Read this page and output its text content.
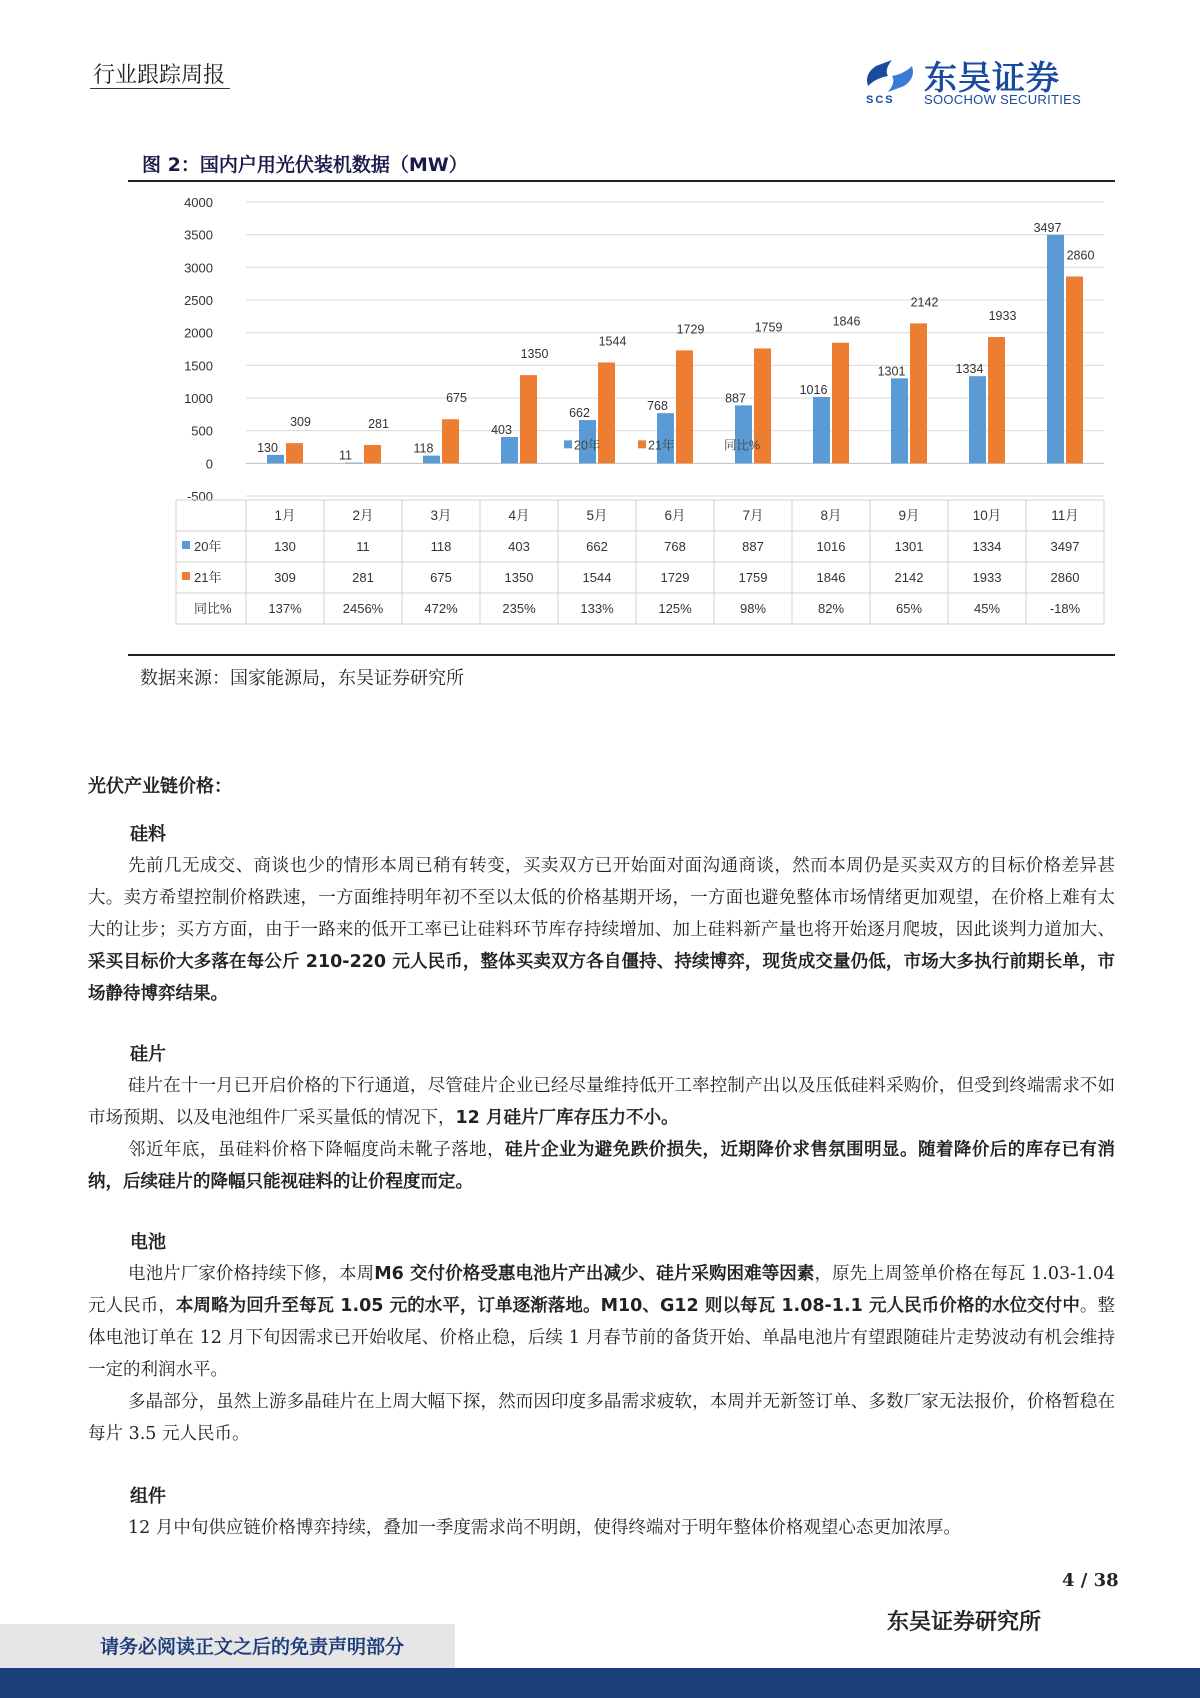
行业跟踪周报
SCS
东吴证券
SOOCHOW SECURITIES
图 2：国内户用光伏装机数据（MW）
4000
3500
3000
2500
2000
1500
1000
500
0
-500
130
309
11
281
118
675
403
1350
662
1544
768
1729
887
1759
1016
1846
1301
2142
1334
1933
3497
2860
20年	21年	同比%
1月	2月	3月	4月	5月	6月	7月	8月	9月	10月	11月
20年	130	11	118	403	662	768	887	1016	1301	1334	3497
21年	309	281	675	1350	1544	1729	1759	1846	2142	1933	2860
同比%	137%	2456%	472%	235%	133%	125%	98%	82%	65%	45%	-18%
数据来源：国家能源局，东吴证券研究所
光伏产业链价格：
硅料
先前几无成交、商谈也少的情形本周已稍有转变，买卖双方已开始面对面沟通商谈，然而本周仍是买卖双方的目标价格差异甚大。卖方希望控制价格跌速，一方面维持明年初不至以太低的价格基期开场，一方面也避免整体市场情绪更加观望，在价格上难有太大的让步；买方方面，由于一路来的低开工率已让硅料环节库存持续增加、加上硅料新产量也将开始逐月爬坡，因此谈判力道加大、采买目标价大多落在每公斤 210-220 元人民币，整体买卖双方各自僵持、持续博弈，现货成交量仍低，市场大多执行前期长单，市场静待博弈结果。
硅片
硅片在十一月已开启价格的下行通道，尽管硅片企业已经尽量维持低开工率控制产出以及压低硅料采购价，但受到终端需求不如市场预期、以及电池组件厂采买量低的情况下，12 月硅片厂库存压力不小。
邻近年底，虽硅料价格下降幅度尚未靴子落地，硅片企业为避免跌价损失，近期降价求售氛围明显。随着降价后的库存已有消纳，后续硅片的降幅只能视硅料的让价程度而定。
电池
电池片厂家价格持续下修，本周M6 交付价格受惠电池片产出减少、硅片采购困难等因素，原先上周签单价格在每瓦 1.03-1.04 元人民币，本周略为回升至每瓦 1.05 元的水平，订单逐渐落地。M10、G12 则以每瓦 1.08-1.1 元人民币价格的水位交付中。整体电池订单在 12 月下旬因需求已开始收尾、价格止稳，后续 1 月春节前的备货开始、单晶电池片有望跟随硅片走势波动有机会维持一定的利润水平。
多晶部分，虽然上游多晶硅片在上周大幅下探，然而因印度多晶需求疲软，本周并无新签订单、多数厂家无法报价，价格暂稳在每片 3.5 元人民币。
组件
12 月中旬供应链价格博弈持续，叠加一季度需求尚不明朗，使得终端对于明年整体价格观望心态更加浓厚。
4 / 38
东吴证券研究所
请务必阅读正文之后的免责声明部分
